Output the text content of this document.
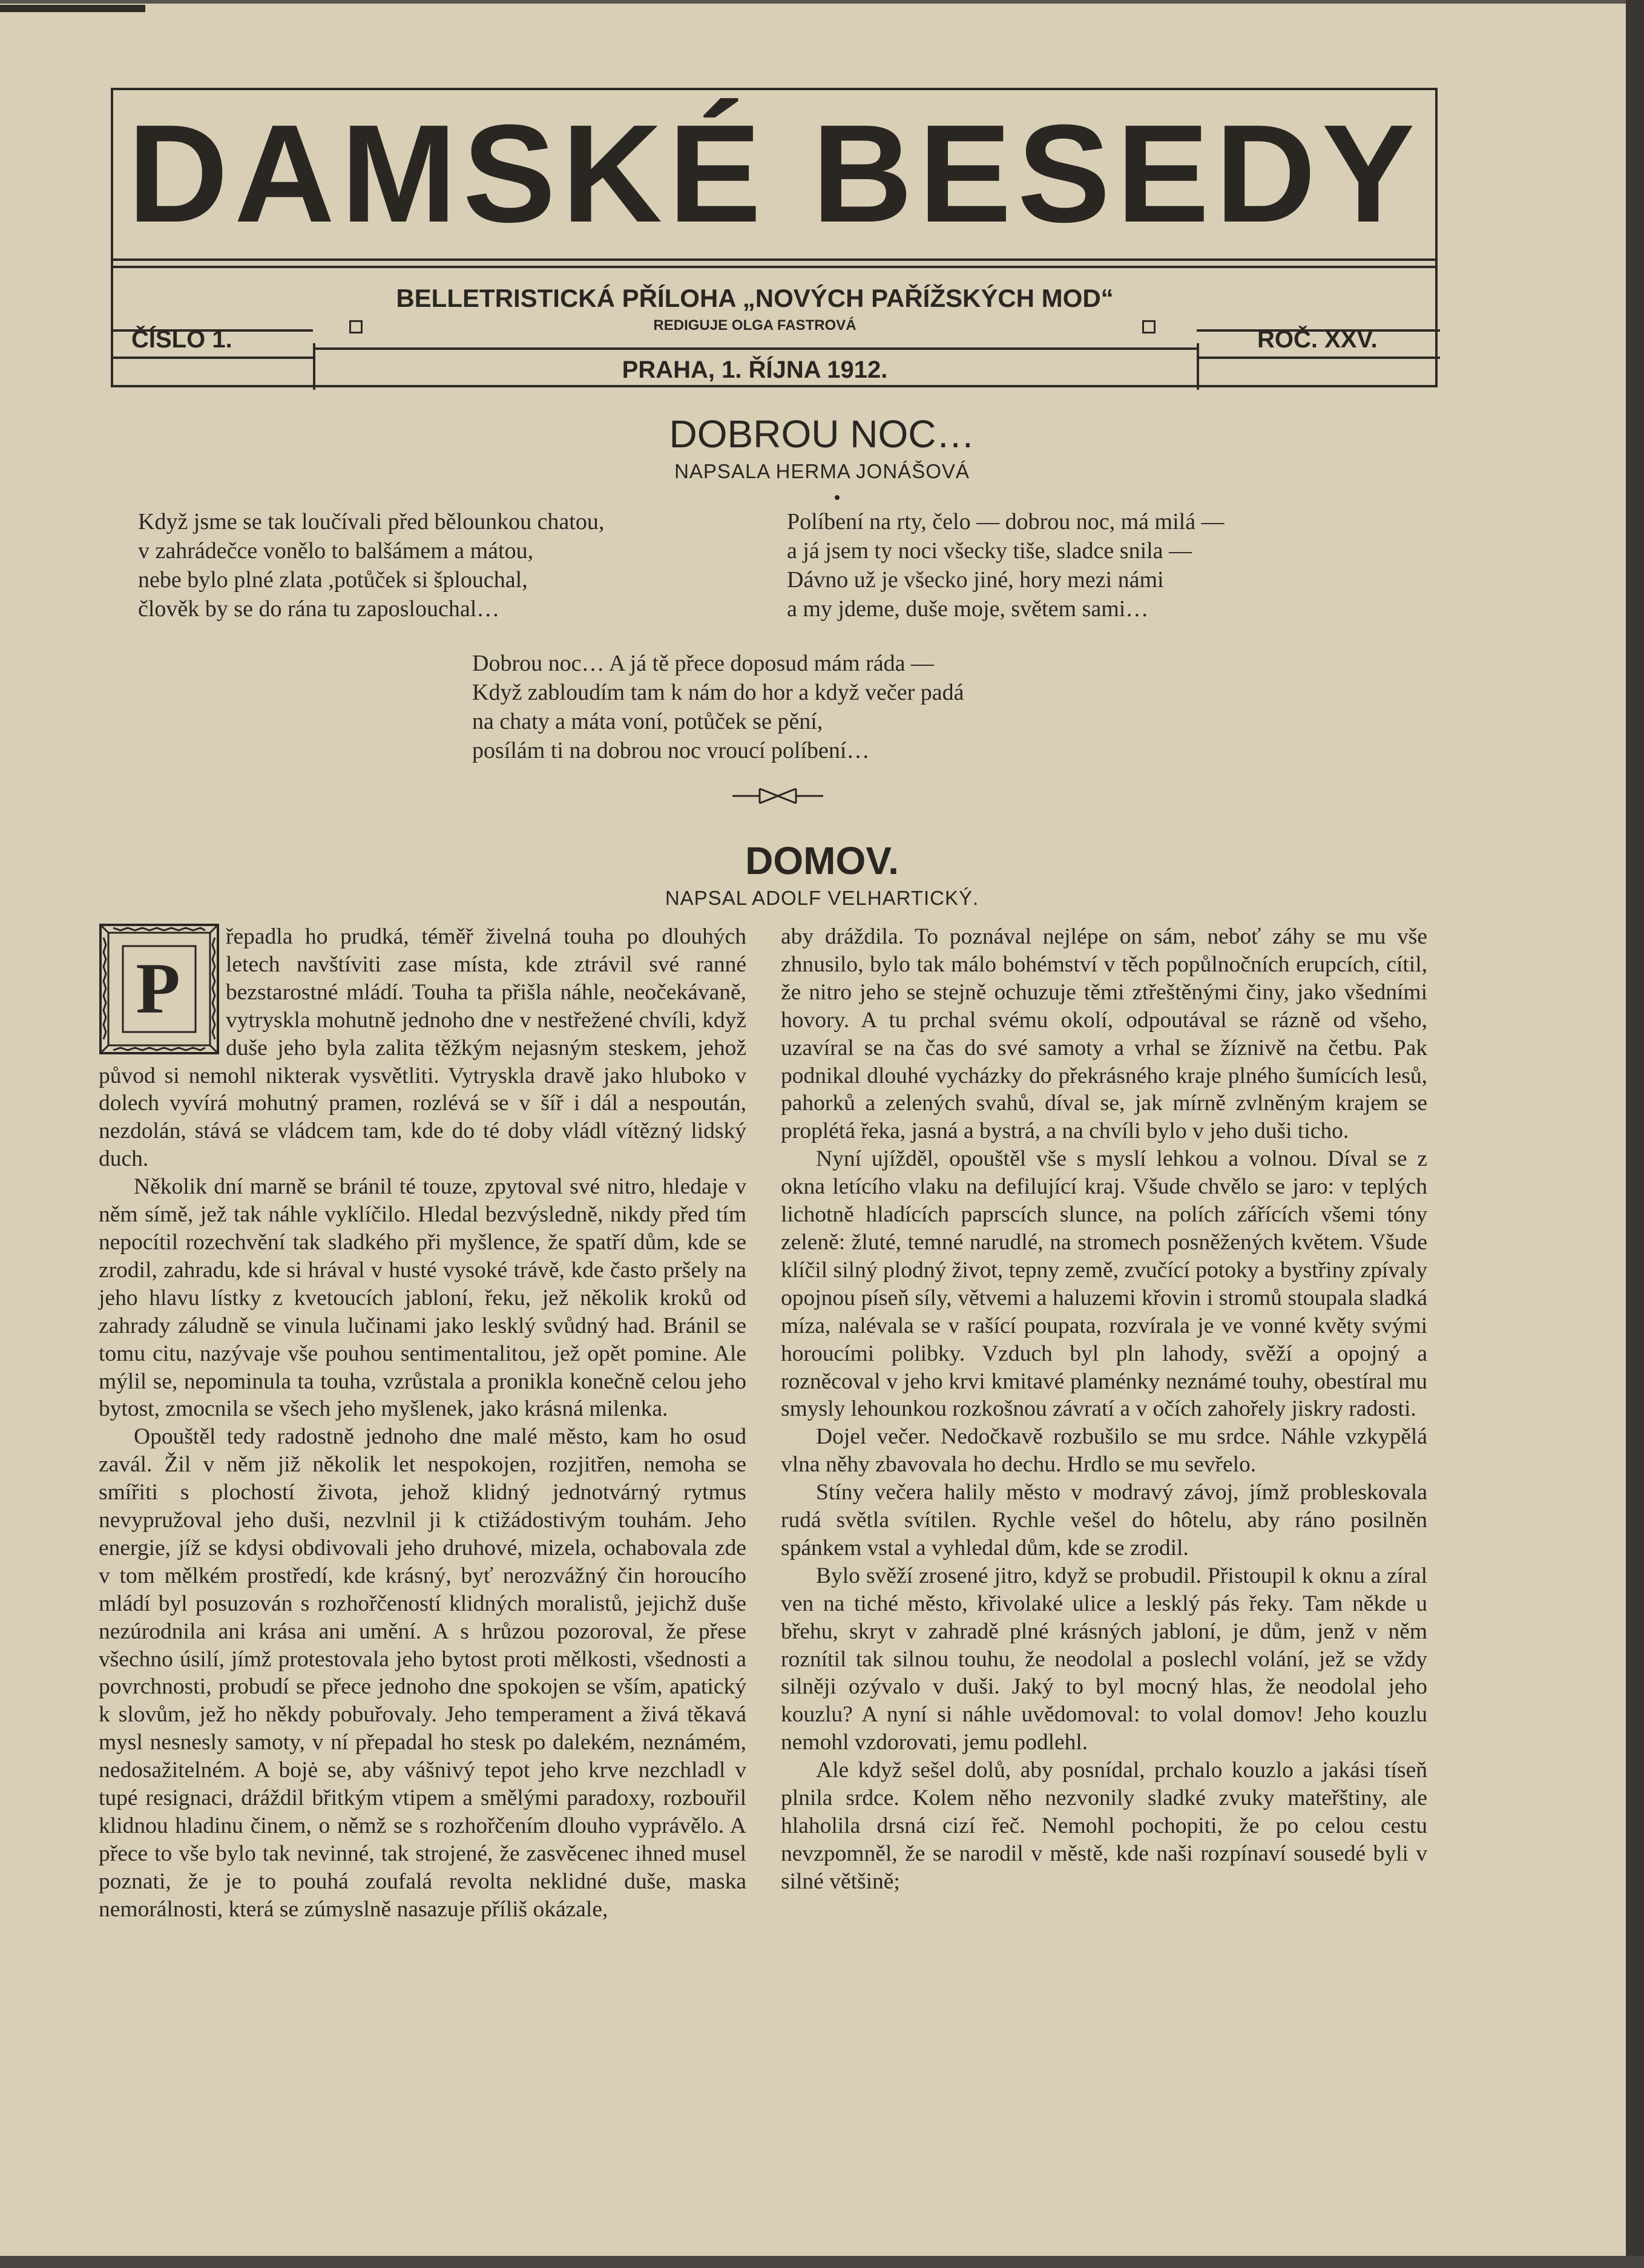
DAMSKÉ BESEDY
ČÍSLO 1.	ROČ. XXV.
BELLETRISTICKÁ PŘÍLOHA „NOVÝCH PAŘÍŽSKÝCH MOD“
REDIGUJE OLGA FASTROVÁ
PRAHA, 1. ŘÍJNA 1912.
DOBROU NOC…
NAPSALA HERMA JONÁŠOVÁ
Když jsme se tak loučívali před bělounkou chatou,
v zahrádečce vonělo to balšámem a mátou,
nebe bylo plné zlata ,potůček si šplouchal,
člověk by se do rána tu zaposlouchal…
Políbení na rty, čelo — dobrou noc, má milá —
a já jsem ty noci všecky tiše, sladce snila —
Dávno už je všecko jiné, hory mezi námi
a my jdeme, duše moje, světem sami…
Dobrou noc… A já tě přece doposud mám ráda —
Když zabloudím tam k nám do hor a když večer padá
na chaty a máta voní, potůček se pění,
posílám ti na dobrou noc vroucí políbení…
DOMOV.
NAPSAL ADOLF VELHARTICKÝ.
P

řepadla ho prudká, téměř živelná touha po dlouhých letech navštíviti zase místa, kde ztrávil své ranné bezstarostné mládí. Touha ta přišla náhle, neočekávaně, vytryskla mohutně jednoho dne v nestřežené chvíli, když duše jeho byla zalita těžkým nejasným steskem, jehož původ si nemohl nikterak vysvětliti. Vytryskla dravě jako hluboko v dolech vyvírá mohutný pramen, rozlévá se v šíř i dál a nespoután, nezdolán, stává se vládcem tam, kde do té doby vládl vítězný lidský duch.

Několik dní marně se bránil té touze, zpytoval své nitro, hledaje v něm símě, jež tak náhle vyklíčilo. Hledal bezvýsledně, nikdy před tím nepocítil rozechvění tak sladkého při myšlence, že spatří dům, kde se zrodil, zahradu, kde si hrával v husté vysoké trávě, kde často pršely na jeho hlavu lístky z kvetoucích jabloní, řeku, jež několik kroků od zahrady záludně se vinula lučinami jako lesklý svůdný had. Bránil se tomu citu, nazývaje vše pouhou sentimentalitou, jež opět pomine. Ale mýlil se, nepominula ta touha, vzrůstala a pronikla konečně celou jeho bytost, zmocnila se všech jeho myšlenek, jako krásná milenka.

Opouštěl tedy radostně jednoho dne malé město, kam ho osud zavál. Žil v něm již několik let nespokojen, rozjitřen, nemoha se smířiti s plochostí života, jehož klidný jednotvárný rytmus nevypružoval jeho duši, nezvlnil ji k ctižádostivým touhám. Jeho energie, jíž se kdysi obdivovali jeho druhové, mizela, ochabovala zde v tom mělkém prostředí, kde krásný, byť nerozvážný čin horoucího mládí byl posuzován s rozhořčeností klidných moralistů, jejichž duše nezúrodnila ani krása ani umění. A s hrůzou pozoroval, že přese všechno úsilí, jímž protestovala jeho bytost proti mělkosti, všednosti a povrchnosti, probudí se přece jednoho dne spokojen se vším, apatický k slovům, jež ho někdy pobuřovaly. Jeho temperament a živá těkavá mysl nesnesly samoty, v ní přepadal ho stesk po dalekém, neznámém, nedosažitelném. A bojė se, aby vášnivý tepot jeho krve nezchladl v tupé resignaci, dráždil břitkým vtipem a smělými paradoxy, rozbouřil klidnou hladinu činem, o němž se s rozhořčením dlouho vyprávělo. A přece to vše bylo tak nevinné, tak strojené, že zasvěcenec ihned musel poznati, že je to pouhá zoufalá revolta neklidné duše, maska nemorálnosti, která se zúmyslně nasazuje příliš okázale,

aby dráždila. To poznával nejlépe on sám, neboť záhy se mu vše zhnusilo, bylo tak málo bohémství v těch popůlnočních erupcích, cítil, že nitro jeho se stejně ochuzuje těmi ztřeštěnými činy, jako všedními hovory. A tu prchal svému okolí, odpoutával se rázně od všeho, uzavíral se na čas do své samoty a vrhal se žíznivě na četbu. Pak podnikal dlouhé vycházky do překrásného kraje plného šumících lesů, pahorků a zelených svahů, díval se, jak mírně zvlněným krajem se proplétá řeka, jasná a bystrá, a na chvíli bylo v jeho duši ticho.

Nyní ujížděl, opouštěl vše s myslí lehkou a volnou. Díval se z okna letícího vlaku na defilující kraj. Všude chvělo se jaro: v teplých lichotně hladících paprscích slunce, na polích zářících všemi tóny zeleně: žluté, temné narudlé, na stromech posněžených květem. Všude klíčil silný plodný život, tepny země, zvučící potoky a bystřiny zpívaly opojnou píseň síly, větvemi a haluzemi křovin i stromů stoupala sladká míza, nalévala se v rašící poupata, rozvírala je ve vonné květy svými horoucími polibky. Vzduch byl pln lahody, svěží a opojný a rozněcoval v jeho krvi kmitavé plaménky neznámé touhy, obestíral mu smysly lehounkou rozkošnou závratí a v očích zahořely jiskry radosti.

Dojel večer. Nedočkavě rozbušilo se mu srdce. Náhle vzkypělá vlna něhy zbavovala ho dechu. Hrdlo se mu sevřelo.

Stíny večera halily město v modravý závoj, jímž probleskovala rudá světla svítilen. Rychle vešel do hôtelu, aby ráno posilněn spánkem vstal a vyhledal dům, kde se zrodil.

Bylo svěží zrosené jitro, když se probudil. Přistoupil k oknu a zíral ven na tiché město, křivolaké ulice a lesklý pás řeky. Tam někde u břehu, skryt v zahradě plné krásných jabloní, je dům, jenž v něm roznítil tak silnou touhu, že neodolal a poslechl volání, jež se vždy silněji ozývalo v duši. Jaký to byl mocný hlas, že neodolal jeho kouzlu? A nyní si náhle uvědomoval: to volal domov! Jeho kouzlu nemohl vzdorovati, jemu podlehl.

Ale když sešel dolů, aby posnídal, prchalo kouzlo a jakási tíseň plnila srdce. Kolem něho nezvonily sladké zvuky mateřštiny, ale hlaholila drsná cizí řeč. Nemohl pochopiti, že po celou cestu nevzpomněl, že se narodil v městě, kde naši rozpínaví sousedé byli v silné většině;
